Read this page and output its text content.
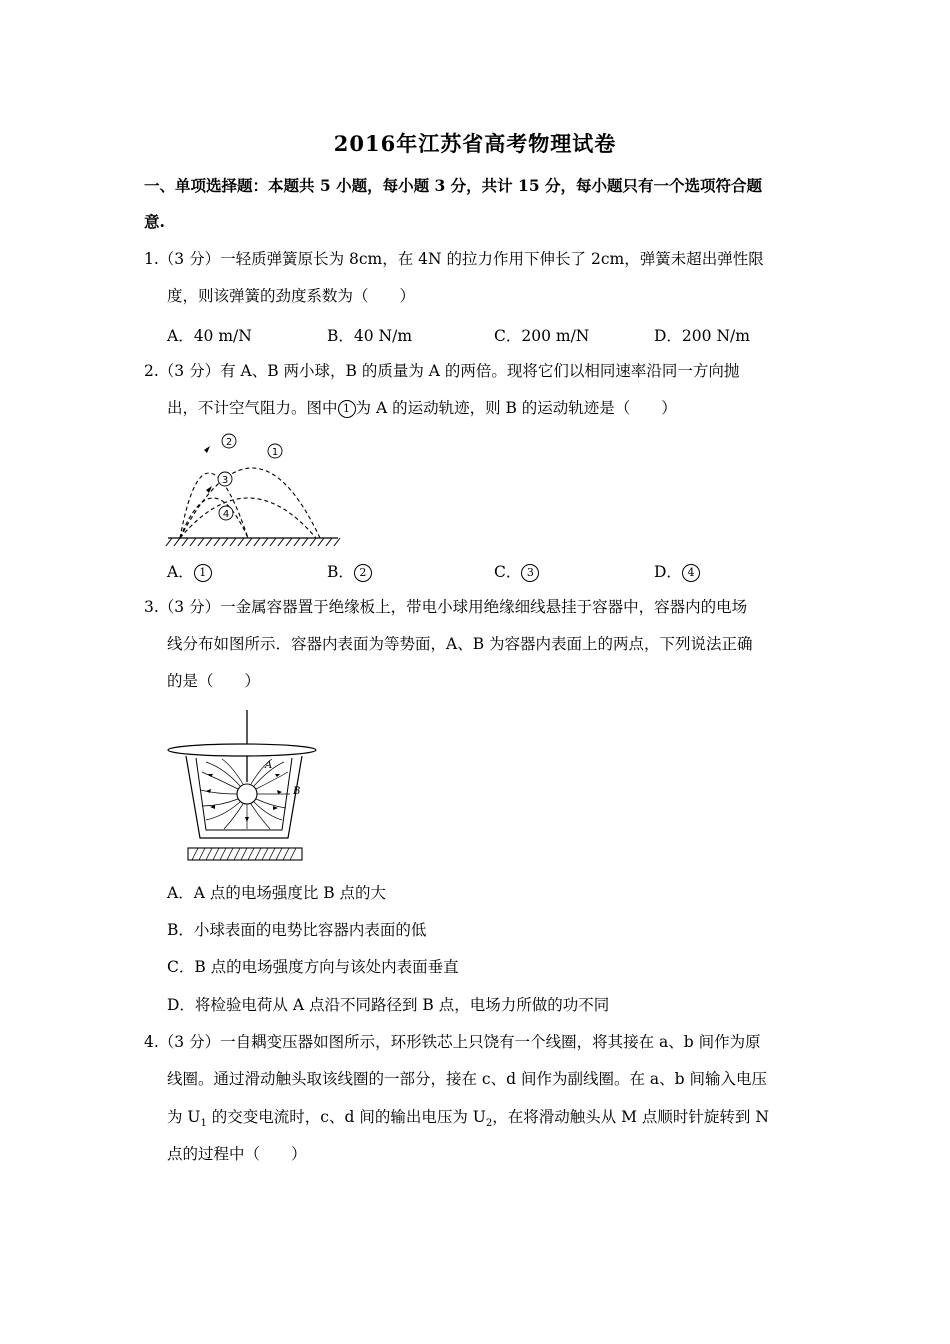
2016年江苏省高考物理试卷
一、单项选择题：本题共 5 小题，每小题 3 分，共计 15 分，每小题只有一个选项符合题
意.
1.（3 分）一轻质弹簧原长为 8cm，在 4N 的拉力作用下伸长了 2cm，弹簧未超出弹性限
度，则该弹簧的劲度系数为（　　）
A．40 m/N	B．40 N/m	C．200 m/N	D．200 N/m
2.（3 分）有 A、B 两小球，B 的质量为 A 的两倍。现将它们以相同速率沿同一方向抛
出，不计空气阻力。图中 1 为 A 的运动轨迹，则 B 的运动轨迹是（　　）
2
1
3
4
A． 1	B． 2	C． 3	D． 4
3.（3 分）一金属容器置于绝缘板上，带电小球用绝缘细线悬挂于容器中，容器内的电场
线分布如图所示．容器内表面为等势面，A、B 为容器内表面上的两点，下列说法正确
的是（　　）
A
B
A．A 点的电场强度比 B 点的大
B．小球表面的电势比容器内表面的低
C．B 点的电场强度方向与该处内表面垂直
D．将检验电荷从 A 点沿不同路径到 B 点，电场力所做的功不同
4.（3 分）一自耦变压器如图所示，环形铁芯上只饶有一个线圈，将其接在 a、b 间作为原
线圈。通过滑动触头取该线圈的一部分，接在 c、d 间作为副线圈。在 a、b 间输入电压
为 $U_1$ 的交变电流时，c、d 间的输出电压为 $U_2$，在将滑动触头从 M 点顺时针旋转到 N
点的过程中（　　）
